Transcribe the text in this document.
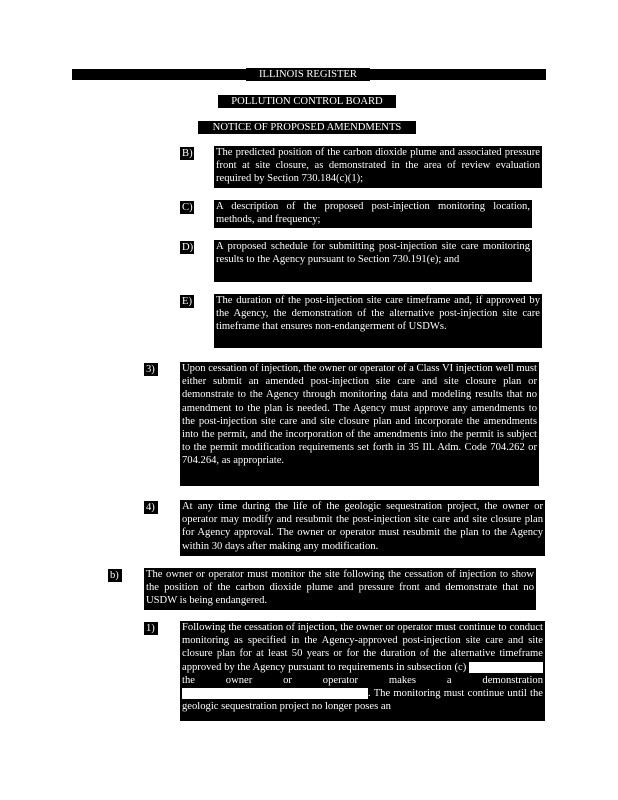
ILLINOIS REGISTER
POLLUTION CONTROL BOARD
NOTICE OF PROPOSED AMENDMENTS
B) The predicted position of the carbon dioxide plume and associated pressure front at site closure, as demonstrated in the area of review evaluation required by Section 730.184(c)(1);
C) A description of the proposed post-injection monitoring location, methods, and frequency;
D) A proposed schedule for submitting post-injection site care monitoring results to the Agency pursuant to Section 730.191(e); and
E) The duration of the post-injection site care timeframe and, if approved by the Agency, the demonstration of the alternative post-injection site care timeframe that ensures non-endangerment of USDWs.
3)	Upon cessation of injection, the owner or operator of a Class VI injection well must either submit an amended post-injection site care and site closure plan or demonstrate to the Agency through monitoring data and modeling results that no amendment to the plan is needed. The Agency must approve any amendments to the post-injection site care and site closure plan and incorporate the amendments into the permit, and the incorporation of the amendments into the permit is subject to the permit modification requirements set forth in 35 Ill. Adm. Code 704.262 or 704.264, as appropriate.
4)	At any time during the life of the geologic sequestration project, the owner or operator may modify and resubmit the post-injection site care and site closure plan for Agency approval. The owner or operator must resubmit the plan to the Agency within 30 days after making any modification.
b)	The owner or operator must monitor the site following the cessation of injection to show the position of the carbon dioxide plume and pressure front and demonstrate that no USDW is being endangered.
1)	Following the cessation of injection, the owner or operator must continue to conduct monitoring as specified in the Agency-approved post-injection site care and site closure plan for at least 50 years or for the duration of the alternative timeframe approved by the Agency pursuant to requirements in subsection (c)  the owner or operator makes a	demonstration . The monitoring must continue until the geologic sequestration project no longer poses an
